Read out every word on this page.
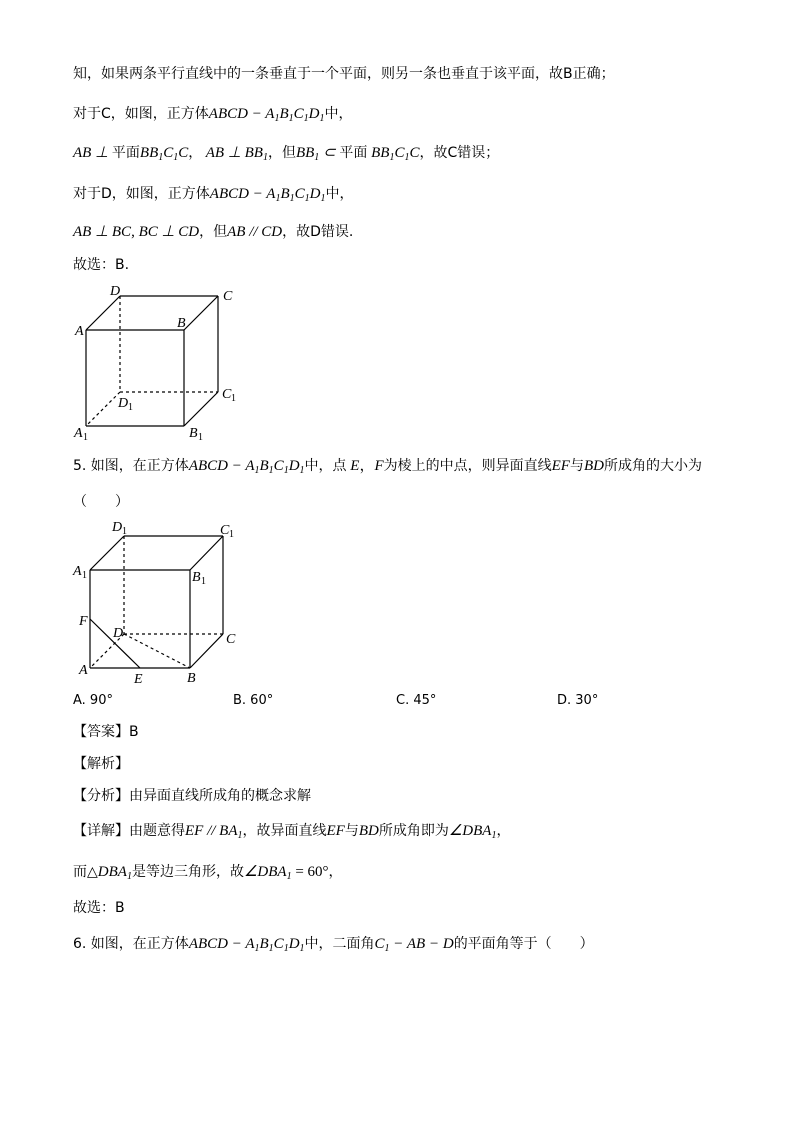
知，如果两条平行直线中的一条垂直于一个平面，则另一条也垂直于该平面，故B正确；
对于C，如图，正方体ABCD − $A_1B_1C_1D_1$中，
AB ⊥ 平面$BB_1C_1C$， AB ⊥ $BB_1$，但$BB_1$ ⊂ 平面 $BB_1C_1C$，故C错误；
对于D，如图，正方体ABCD − $A_1B_1C_1D_1$中，
AB ⊥ BC, BC ⊥ CD，但AB // CD，故D错误.
故选：B.
D	C
A
B
C 1
D 1
A 1	B 1
5. 如图，在正方体ABCD − $A_1B_1C_1D_1$中，点 E，F为棱上的中点，则异面直线EF与BD所成角的大小为
（　　）
D 1	C 1
A 1	B 1
F
D	C
A
E	B
A. 90°	B. 60°	C. 45°	D. 30°
【答案】B
【解析】
【分析】由异面直线所成角的概念求解
【详解】由题意得EF // $BA_1$，故异面直线EF与BD所成角即为$\angle DBA_1$，
而$\triangle DBA_1$是等边三角形，故$\angle DBA_1 = 60^\circ$，
故选：B
6. 如图，在正方体ABCD − $A_1B_1C_1D_1$中，二面角$C_1$ − AB − D的平面角等于（　　）
